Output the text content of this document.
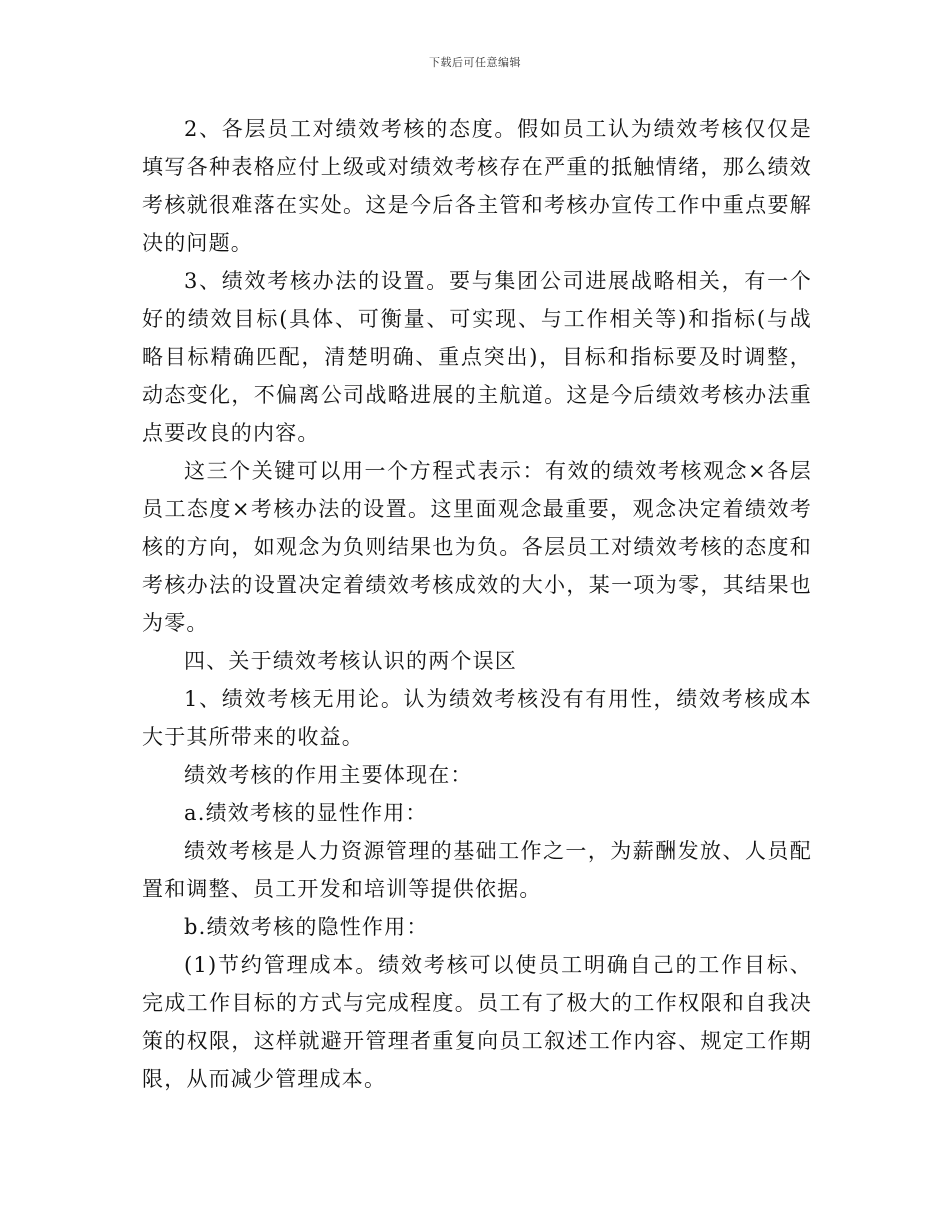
下载后可任意编辑

2、各层员工对绩效考核的态度。假如员工认为绩效考核仅仅是填写各种表格应付上级或对绩效考核存在严重的抵触情绪，那么绩效考核就很难落在实处。这是今后各主管和考核办宣传工作中重点要解决的问题。

3、绩效考核办法的设置。要与集团公司进展战略相关，有一个好的绩效目标(具体、可衡量、可实现、与工作相关等)和指标(与战略目标精确匹配，清楚明确、重点突出)，目标和指标要及时调整，动态变化，不偏离公司战略进展的主航道。这是今后绩效考核办法重点要改良的内容。

这三个关键可以用一个方程式表示：有效的绩效考核观念×各层员工态度×考核办法的设置。这里面观念最重要，观念决定着绩效考核的方向，如观念为负则结果也为负。各层员工对绩效考核的态度和考核办法的设置决定着绩效考核成效的大小，某一项为零，其结果也为零。

四、关于绩效考核认识的两个误区

1、绩效考核无用论。认为绩效考核没有有用性，绩效考核成本大于其所带来的收益。

绩效考核的作用主要体现在：

a.绩效考核的显性作用：

绩效考核是人力资源管理的基础工作之一，为薪酬发放、人员配置和调整、员工开发和培训等提供依据。

b.绩效考核的隐性作用：

(1)节约管理成本。绩效考核可以使员工明确自己的工作目标、完成工作目标的方式与完成程度。员工有了极大的工作权限和自我决策的权限，这样就避开管理者重复向员工叙述工作内容、规定工作期限，从而减少管理成本。
